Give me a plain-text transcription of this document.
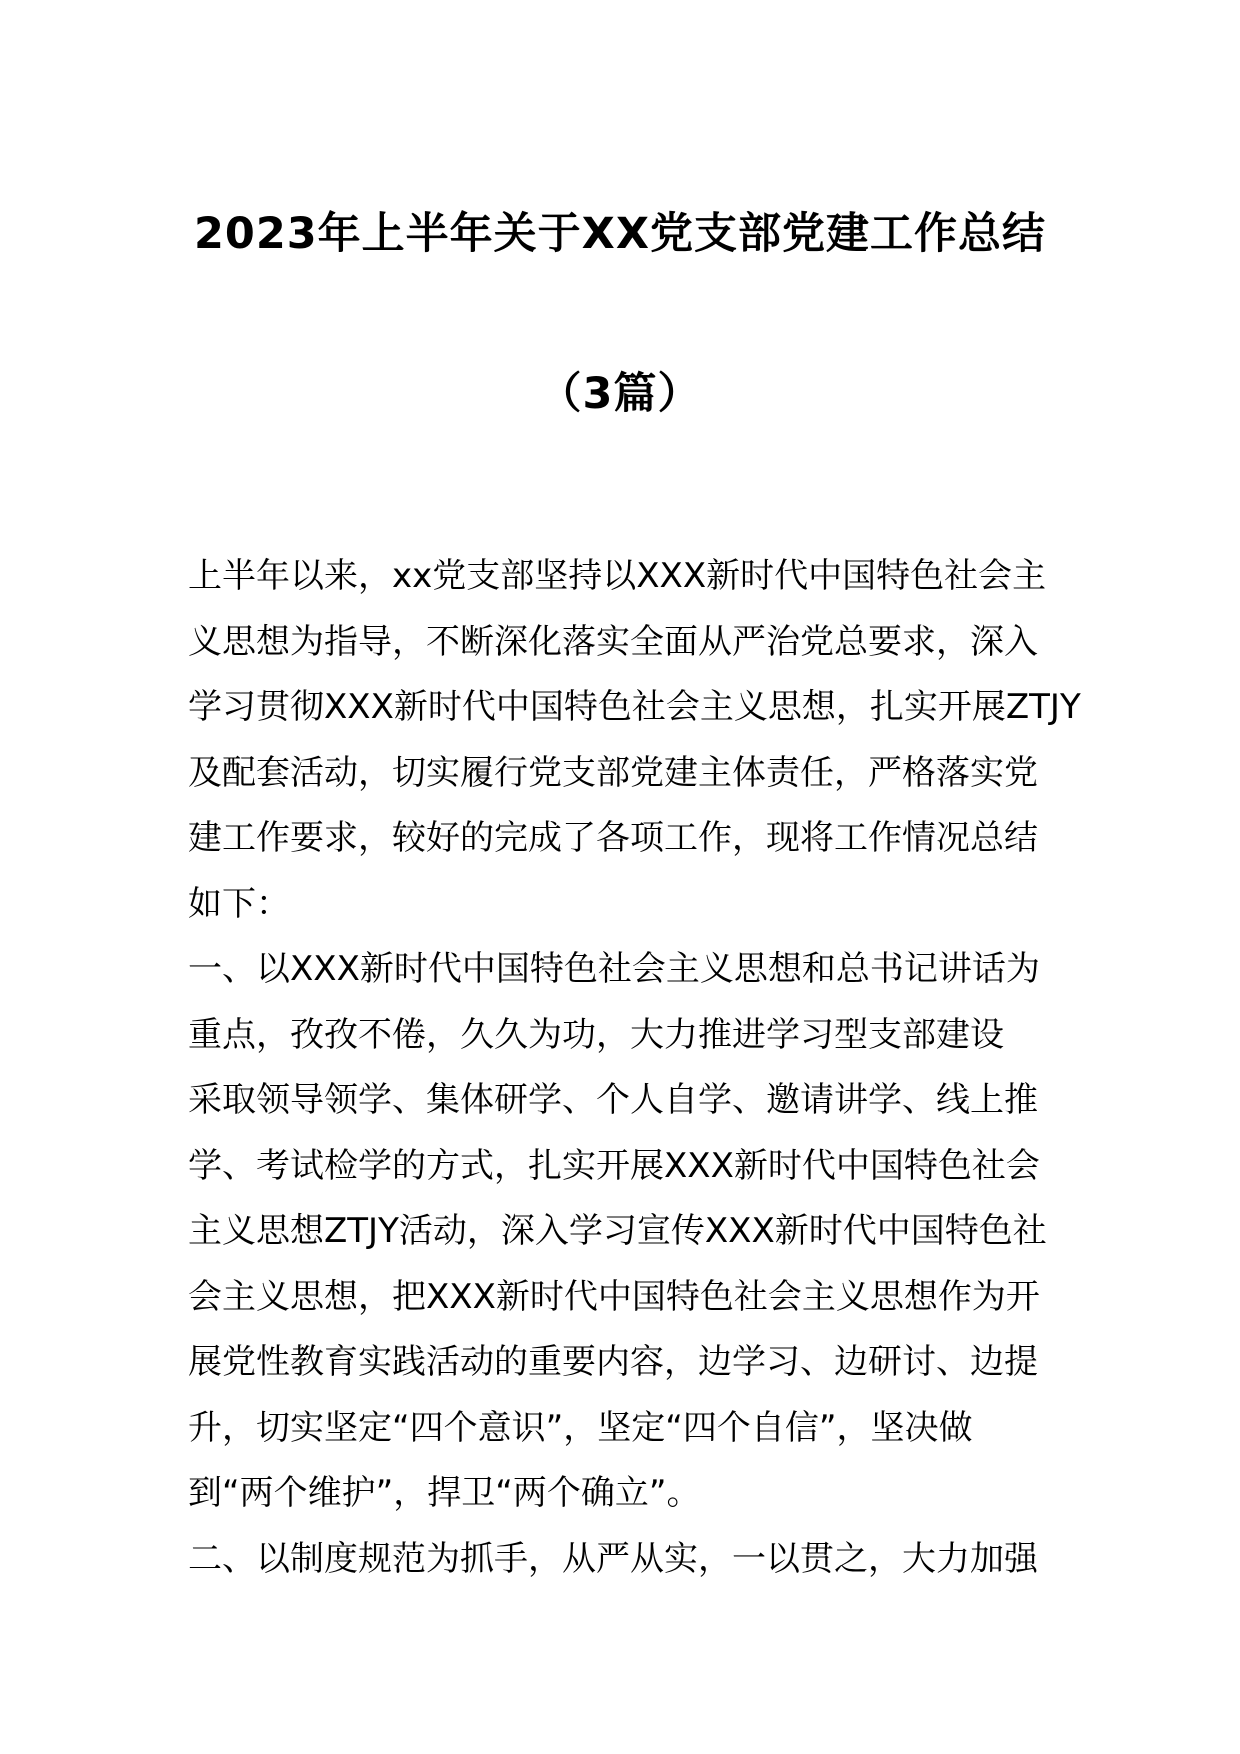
2023年上半年关于XX党支部党建工作总结
（3篇）
上半年以来，xx党支部坚持以XXX新时代中国特色社会主
义思想为指导，不断深化落实全面从严治党总要求，深入
学习贯彻XXX新时代中国特色社会主义思想，扎实开展ZTJY
及配套活动，切实履行党支部党建主体责任，严格落实党
建工作要求，较好的完成了各项工作，现将工作情况总结
如下：
一、以XXX新时代中国特色社会主义思想和总书记讲话为
重点，孜孜不倦，久久为功，大力推进学习型支部建设
采取领导领学、集体研学、个人自学、邀请讲学、线上推
学、考试检学的方式，扎实开展XXX新时代中国特色社会
主义思想ZTJY活动，深入学习宣传XXX新时代中国特色社
会主义思想，把XXX新时代中国特色社会主义思想作为开
展党性教育实践活动的重要内容，边学习、边研讨、边提
升，切实坚定“四个意识”，坚定“四个自信”，坚决做
到“两个维护”，捍卫“两个确立”。
二、以制度规范为抓手，从严从实，一以贯之，大力加强
